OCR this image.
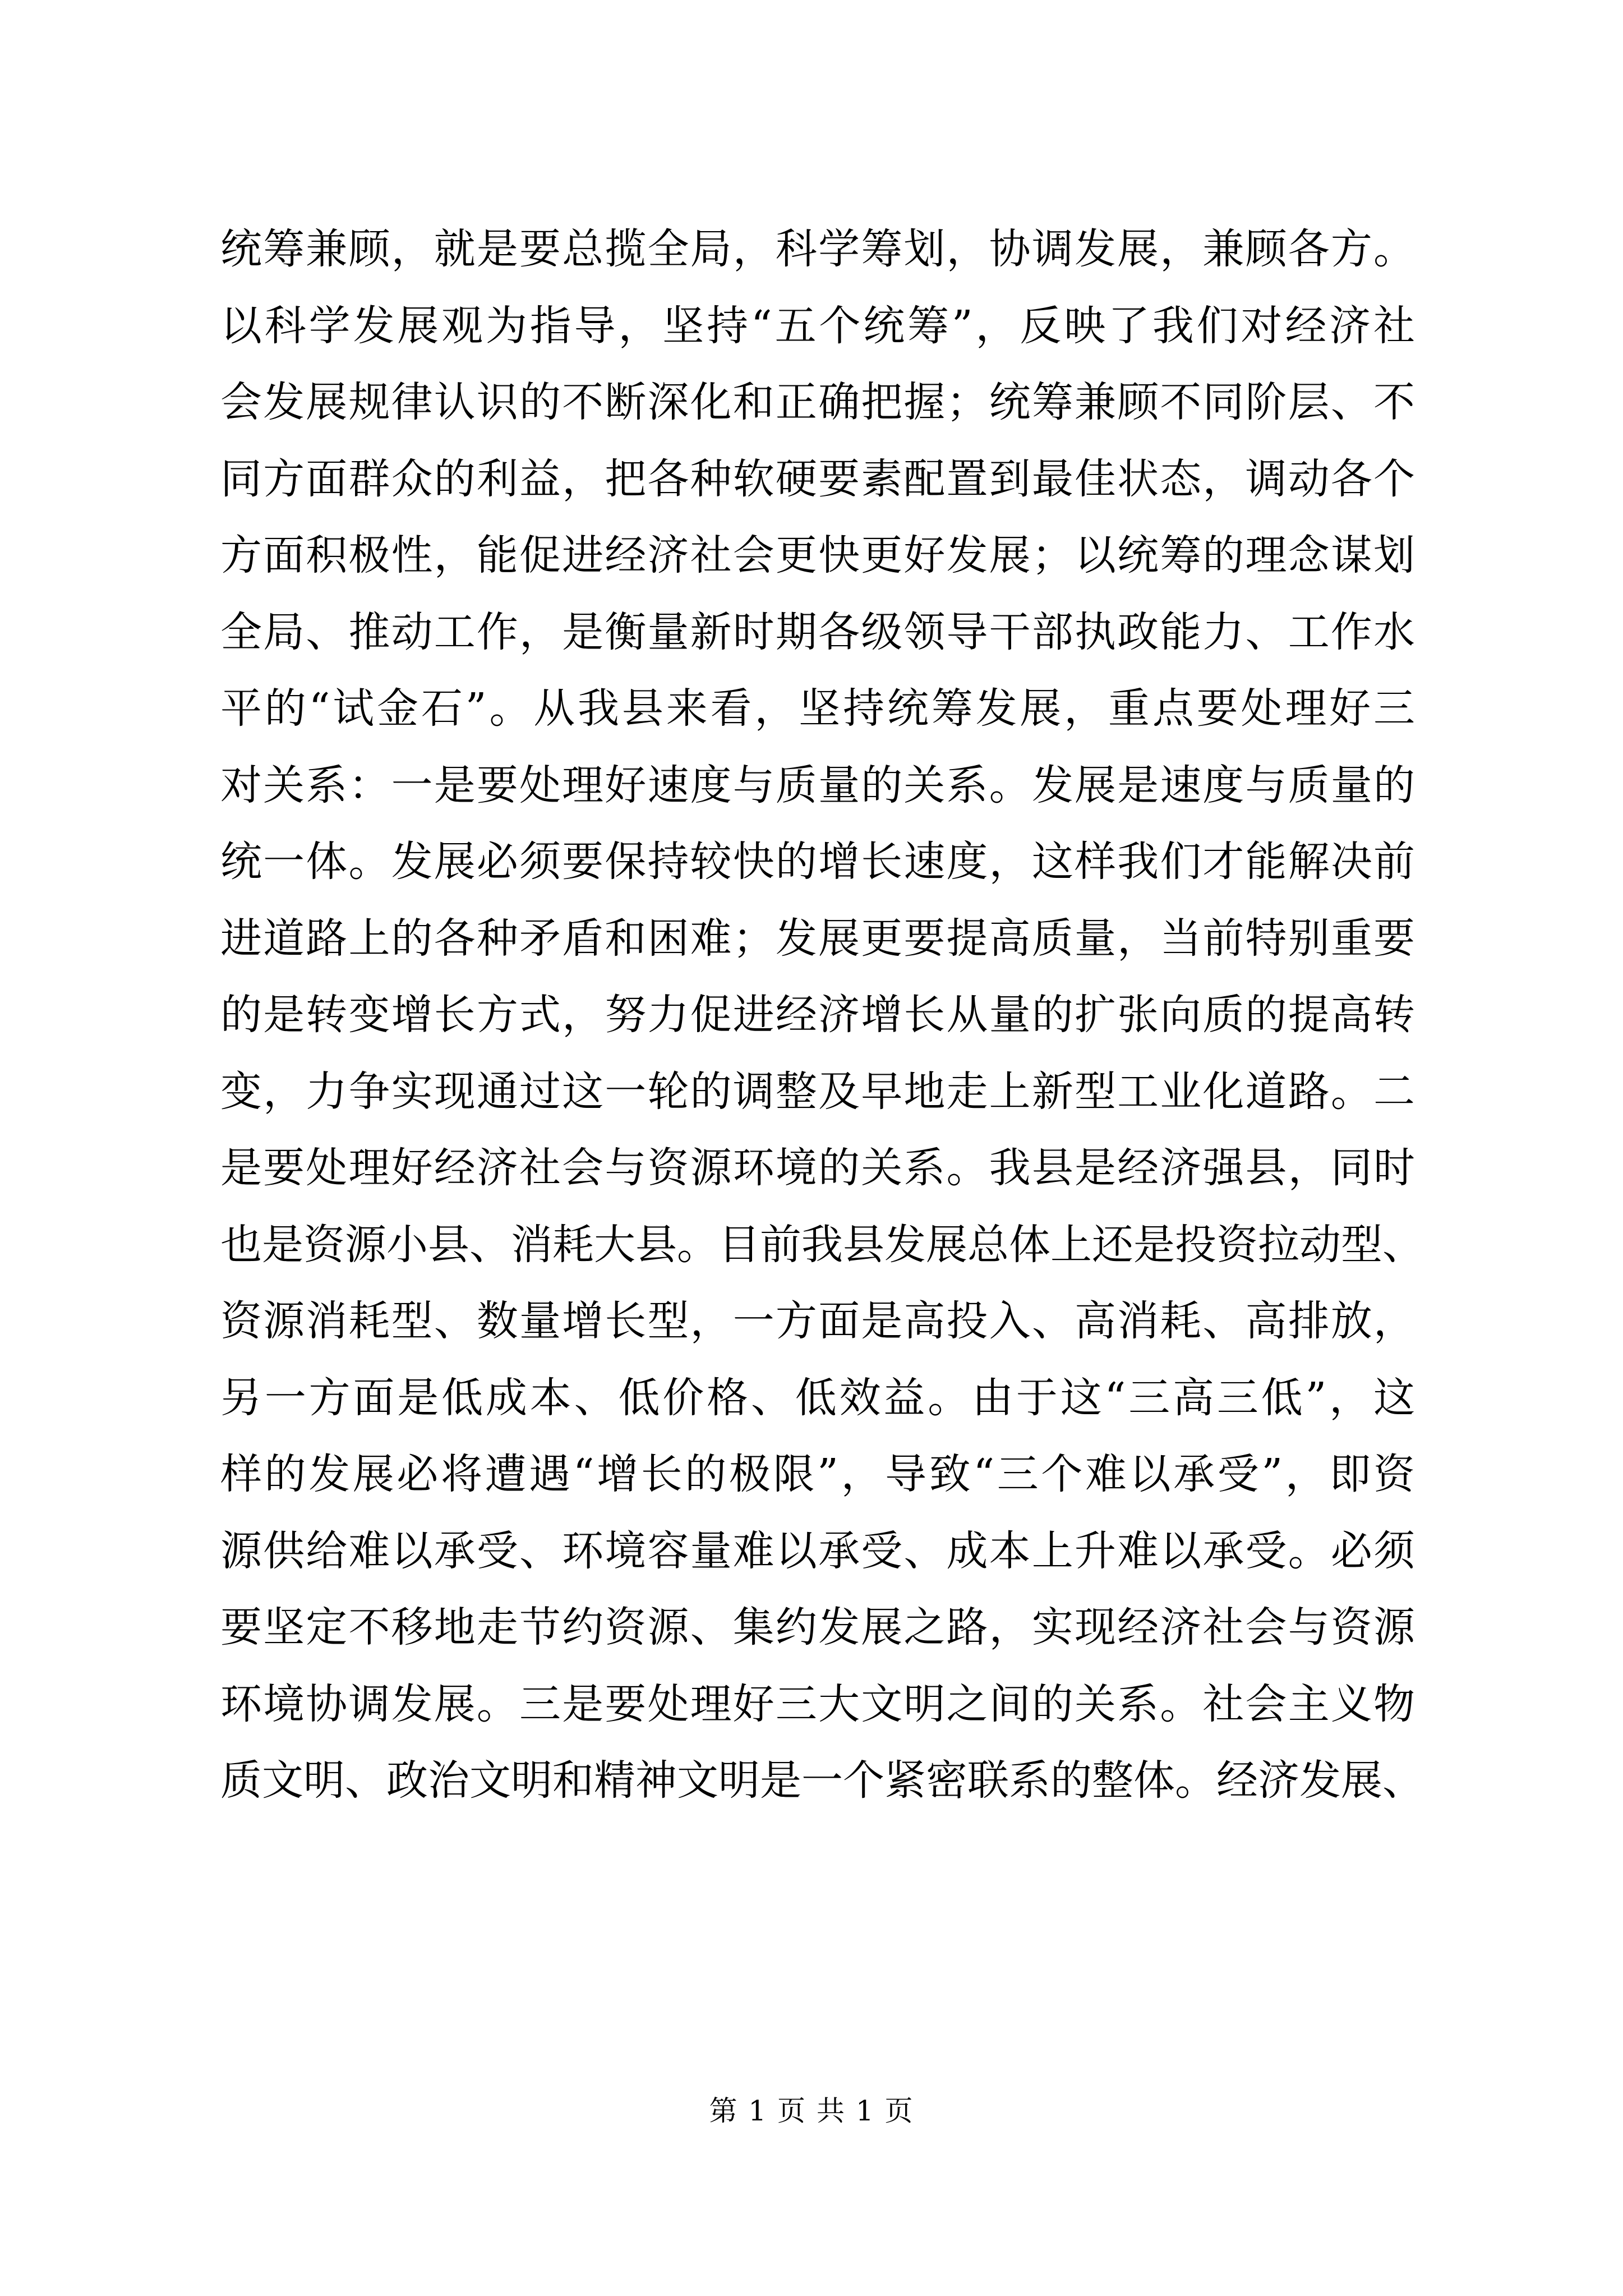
统筹兼顾，就是要总揽全局，科学筹划，协调发展，兼顾各方。
以科学发展观为指导，坚持“五个统筹”，反映了我们对经济社
会发展规律认识的不断深化和正确把握；统筹兼顾不同阶层、不
同方面群众的利益，把各种软硬要素配置到最佳状态，调动各个
方面积极性，能促进经济社会更快更好发展；以统筹的理念谋划
全局、推动工作，是衡量新时期各级领导干部执政能力、工作水
平的“试金石”。从我县来看，坚持统筹发展，重点要处理好三
对关系：一是要处理好速度与质量的关系。发展是速度与质量的
统一体。发展必须要保持较快的增长速度，这样我们才能解决前
进道路上的各种矛盾和困难；发展更要提高质量，当前特别重要
的是转变增长方式，努力促进经济增长从量的扩张向质的提高转
变，力争实现通过这一轮的调整及早地走上新型工业化道路。二
是要处理好经济社会与资源环境的关系。我县是经济强县，同时
也是资源小县、消耗大县。目前我县发展总体上还是投资拉动型、
资源消耗型、数量增长型，一方面是高投入、高消耗、高排放，
另一方面是低成本、低价格、低效益。由于这“三高三低”，这
样的发展必将遭遇“增长的极限”，导致“三个难以承受”，即资
源供给难以承受、环境容量难以承受、成本上升难以承受。必须
要坚定不移地走节约资源、集约发展之路，实现经济社会与资源
环境协调发展。三是要处理好三大文明之间的关系。社会主义物
质文明、政治文明和精神文明是一个紧密联系的整体。经济发展、
第 1 页 共 1 页
